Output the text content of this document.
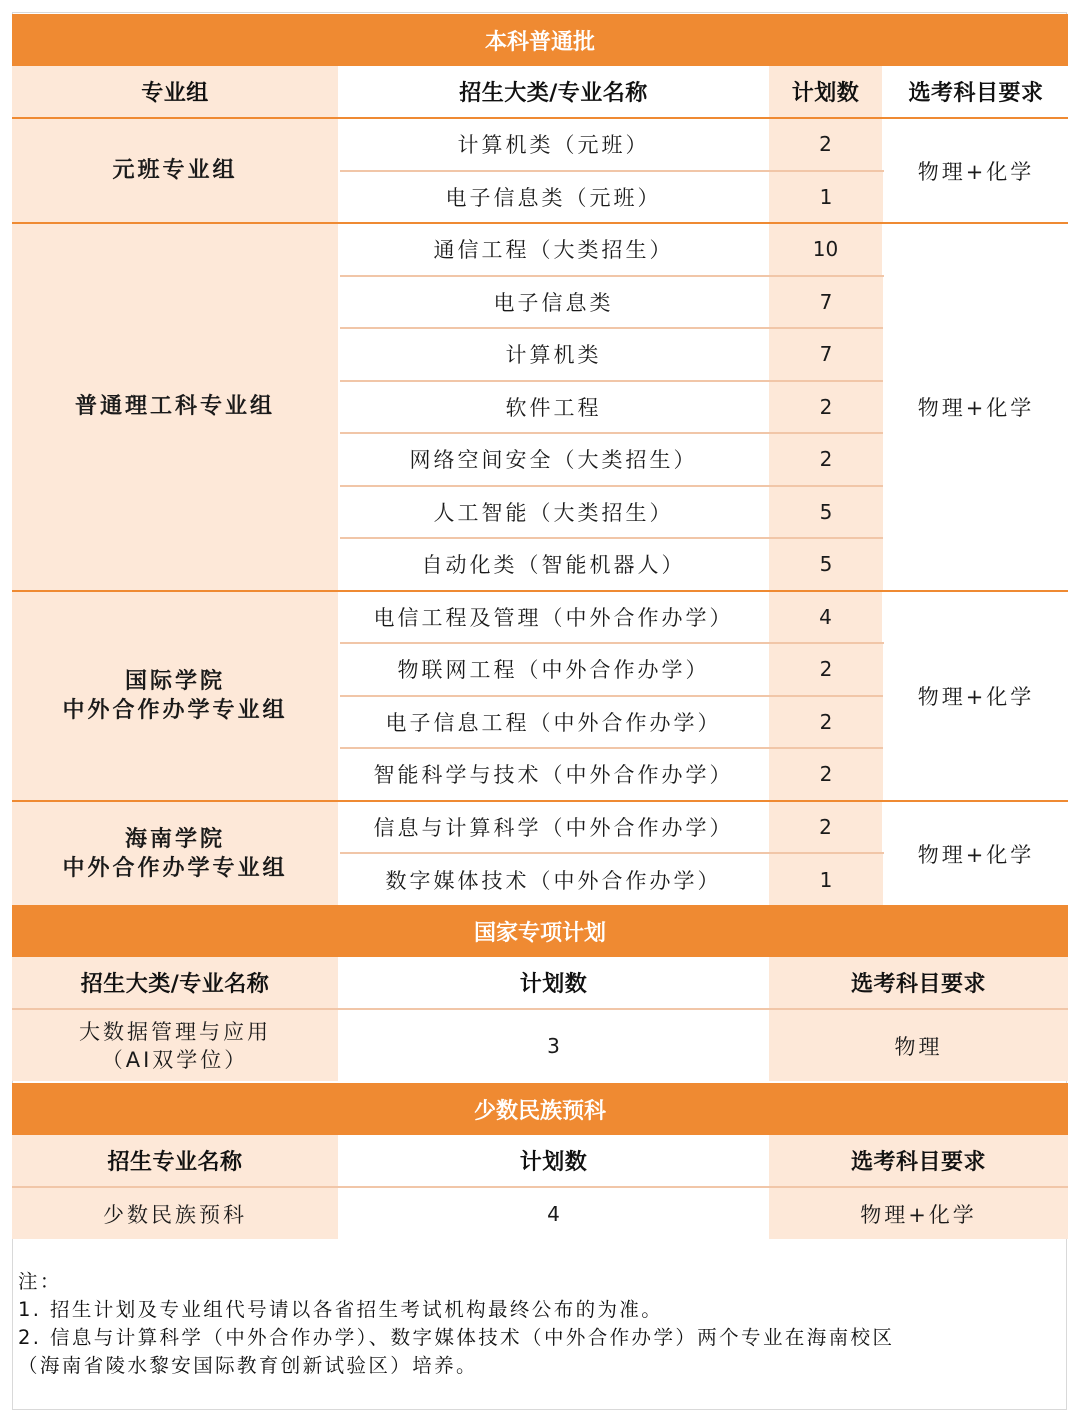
本科普通批			
专业组	招生大类/专业名称	计划数	选考科目要求

元班专业组	计算机类（元班）	2	物理+化学
	电子信息类（元班）	1	

普通理工科专业组	通信工程（大类招生）	10	物理+化学
	电子信息类	7	
	计算机类	7	
	软件工程	2	
	网络空间安全（大类招生）	2	
	人工智能（大类招生）	5	
	自动化类（智能机器人）	5	

国际学院
中外合作办学专业组	电信工程及管理（中外合作办学）	4	物理+化学
	物联网工程（中外合作办学）	2	
	电子信息工程（中外合作办学）	2	
	智能科学与技术（中外合作办学）	2	

海南学院
中外合作办学专业组	信息与计算科学（中外合作办学）	2	物理+化学
	数字媒体技术（中外合作办学）	1	
国家专项计划		
招生大类/专业名称	计划数	选考科目要求

大数据管理与应用
（AI双学位）	3	物理
少数民族预科		
招生专业名称	计划数	选考科目要求
少数民族预科	4	物理+化学
注：
1. 招生计划及专业组代号请以各省招生考试机构最终公布的为准。
2. 信息与计算科学（中外合作办学）、数字媒体技术（中外合作办学）两个专业在海南校区
（海南省陵水黎安国际教育创新试验区）培养。
